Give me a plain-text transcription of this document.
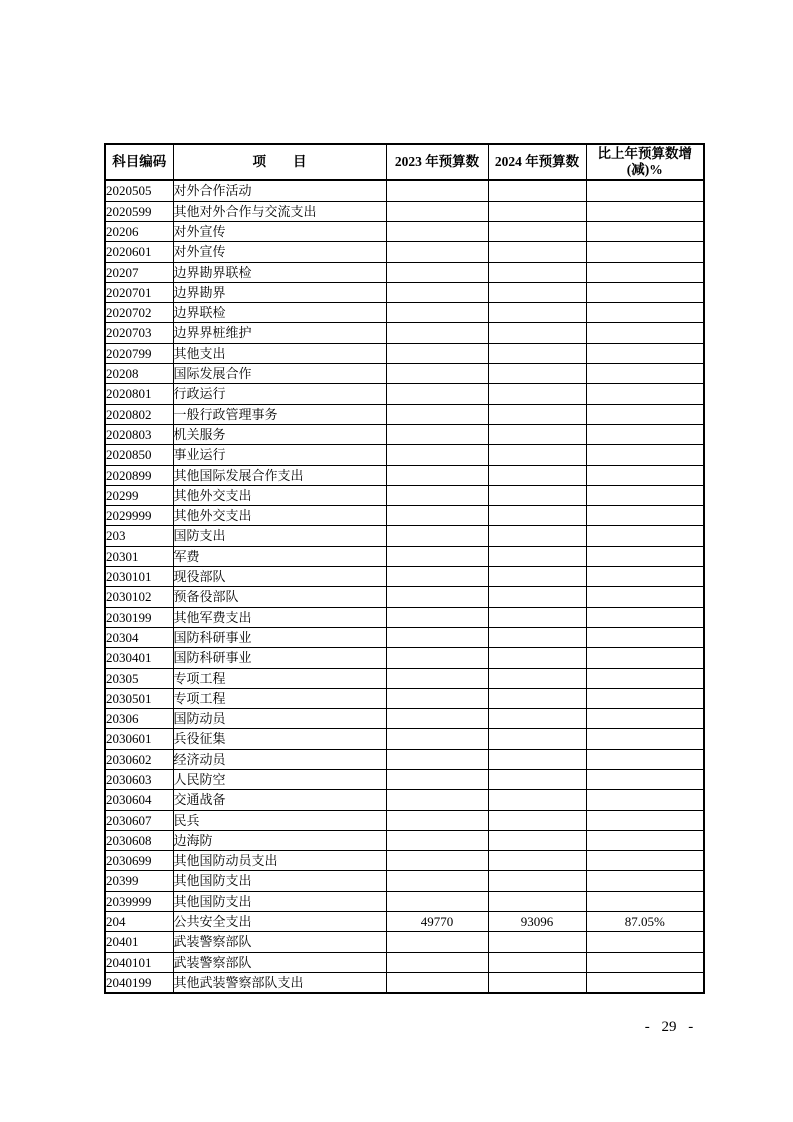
科目编码	项　　目	2023 年预算数	2024 年预算数	比上年预算数增(减)%
2020505	对外合作活动			
2020599	其他对外合作与交流支出			
20206	对外宣传			
2020601	对外宣传			
20207	边界勘界联检			
2020701	边界勘界			
2020702	边界联检			
2020703	边界界桩维护			
2020799	其他支出			
20208	国际发展合作			
2020801	行政运行			
2020802	一般行政管理事务			
2020803	机关服务			
2020850	事业运行			
2020899	其他国际发展合作支出			
20299	其他外交支出			
2029999	其他外交支出			
203	国防支出			
20301	军费			
2030101	现役部队			
2030102	预备役部队			
2030199	其他军费支出			
20304	国防科研事业			
2030401	国防科研事业			
20305	专项工程			
2030501	专项工程			
20306	国防动员			
2030601	兵役征集			
2030602	经济动员			
2030603	人民防空			
2030604	交通战备			
2030607	民兵			
2030608	边海防			
2030699	其他国防动员支出			
20399	其他国防支出			
2039999	其他国防支出			
204	公共安全支出	49770	93096	87.05%
20401	武装警察部队			
2040101	武装警察部队			
2040199	其他武装警察部队支出			
- 29 -
